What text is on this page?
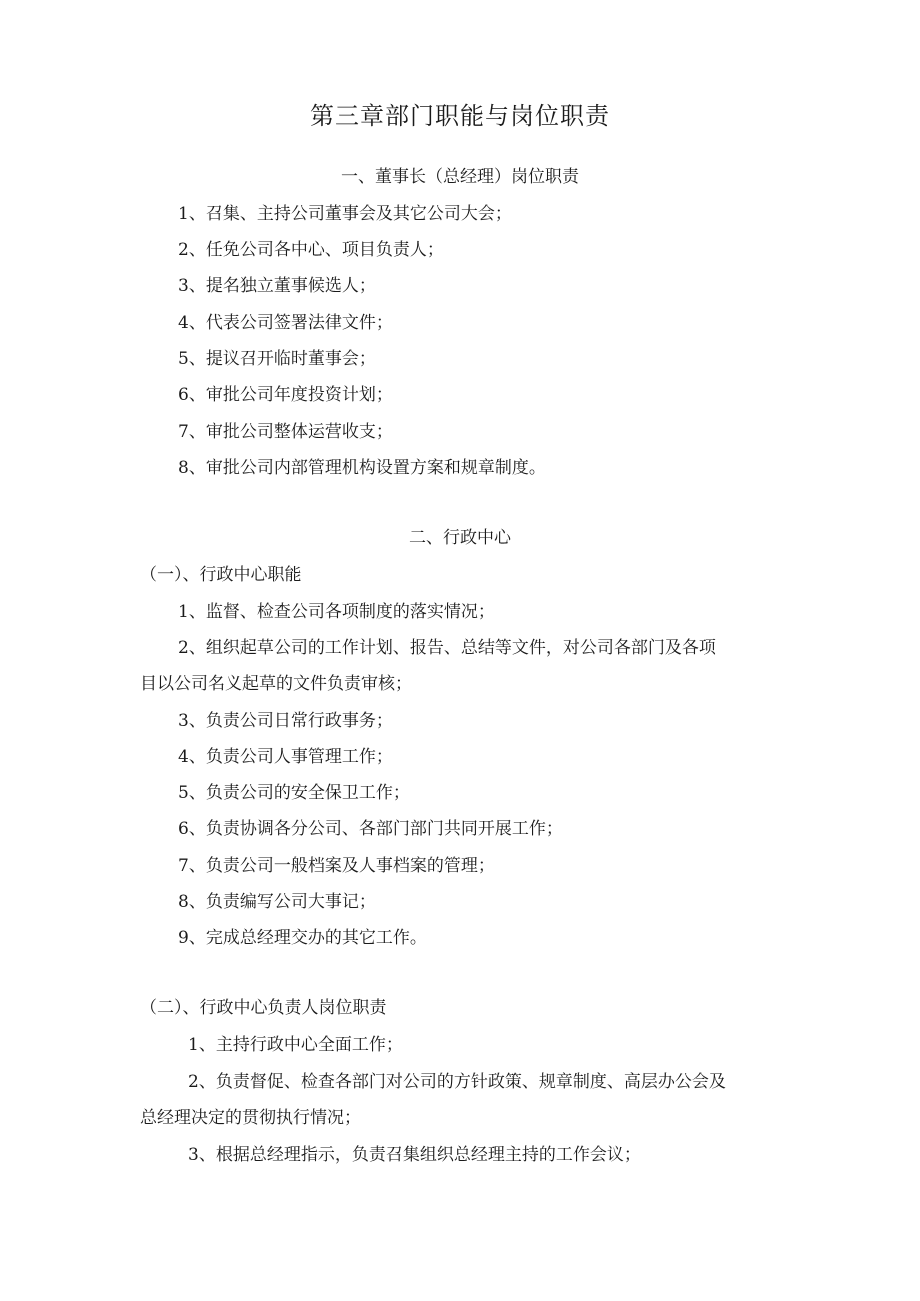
第三章部门职能与岗位职责
一、董事长（总经理）岗位职责
1、召集、主持公司董事会及其它公司大会；
2、任免公司各中心、项目负责人；
3、提名独立董事候选人；
4、代表公司签署法律文件；
5、提议召开临时董事会；
6、审批公司年度投资计划；
7、审批公司整体运营收支；
8、审批公司内部管理机构设置方案和规章制度。
二、行政中心
（一）、行政中心职能
1、监督、检查公司各项制度的落实情况；
2、组织起草公司的工作计划、报告、总结等文件，对公司各部门及各项
目以公司名义起草的文件负责审核；
3、负责公司日常行政事务；
4、负责公司人事管理工作；
5、负责公司的安全保卫工作；
6、负责协调各分公司、各部门部门共同开展工作；
7、负责公司一般档案及人事档案的管理；
8、负责编写公司大事记；
9、完成总经理交办的其它工作。
（二）、行政中心负责人岗位职责
1、主持行政中心全面工作；
2、负责督促、检查各部门对公司的方针政策、规章制度、高层办公会及
总经理决定的贯彻执行情况；
3、根据总经理指示，负责召集组织总经理主持的工作会议；
